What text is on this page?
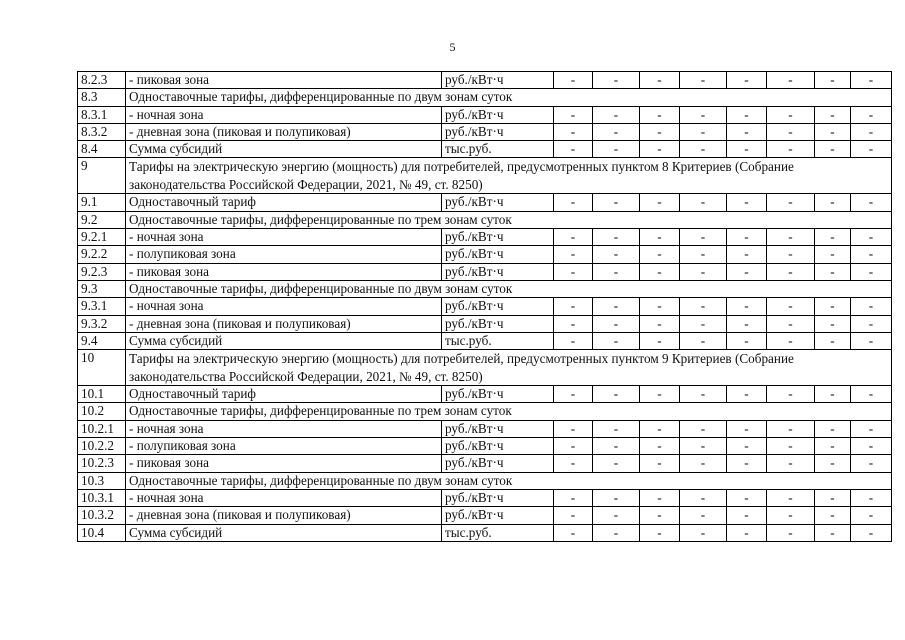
5
8.2.3	- пиковая зона	руб./кВт·ч	-	-	-	-	-	-	-	-
8.3	Одноставочные тарифы, дифференцированные по двум зонам суток									
8.3.1	- ночная зона	руб./кВт·ч	-	-	-	-	-	-	-	-
8.3.2	- дневная зона (пиковая и полупиковая)	руб./кВт·ч	-	-	-	-	-	-	-	-
8.4	Сумма субсидий	тыс.руб.	-	-	-	-	-	-	-	-
9	Тарифы на электрическую энергию (мощность) для потребителей, предусмотренных пунктом 8 Критериев (Собрание законодательства Российской Федерации, 2021, № 49, ст. 8250)									
9.1	Одноставочный тариф	руб./кВт·ч	-	-	-	-	-	-	-	-
9.2	Одноставочные тарифы, дифференцированные по трем зонам суток									
9.2.1	- ночная зона	руб./кВт·ч	-	-	-	-	-	-	-	-
9.2.2	- полупиковая зона	руб./кВт·ч	-	-	-	-	-	-	-	-
9.2.3	- пиковая зона	руб./кВт·ч	-	-	-	-	-	-	-	-
9.3	Одноставочные тарифы, дифференцированные по двум зонам суток									
9.3.1	- ночная зона	руб./кВт·ч	-	-	-	-	-	-	-	-
9.3.2	- дневная зона (пиковая и полупиковая)	руб./кВт·ч	-	-	-	-	-	-	-	-
9.4	Сумма субсидий	тыс.руб.	-	-	-	-	-	-	-	-
10	Тарифы на электрическую энергию (мощность) для потребителей, предусмотренных пунктом 9 Критериев (Собрание законодательства Российской Федерации, 2021, № 49, ст. 8250)									
10.1	Одноставочный тариф	руб./кВт·ч	-	-	-	-	-	-	-	-
10.2	Одноставочные тарифы, дифференцированные по трем зонам суток									
10.2.1	- ночная зона	руб./кВт·ч	-	-	-	-	-	-	-	-
10.2.2	- полупиковая зона	руб./кВт·ч	-	-	-	-	-	-	-	-
10.2.3	- пиковая зона	руб./кВт·ч	-	-	-	-	-	-	-	-
10.3	Одноставочные тарифы, дифференцированные по двум зонам суток									
10.3.1	- ночная зона	руб./кВт·ч	-	-	-	-	-	-	-	-
10.3.2	- дневная зона (пиковая и полупиковая)	руб./кВт·ч	-	-	-	-	-	-	-	-
10.4	Сумма субсидий	тыс.руб.	-	-	-	-	-	-	-	-
